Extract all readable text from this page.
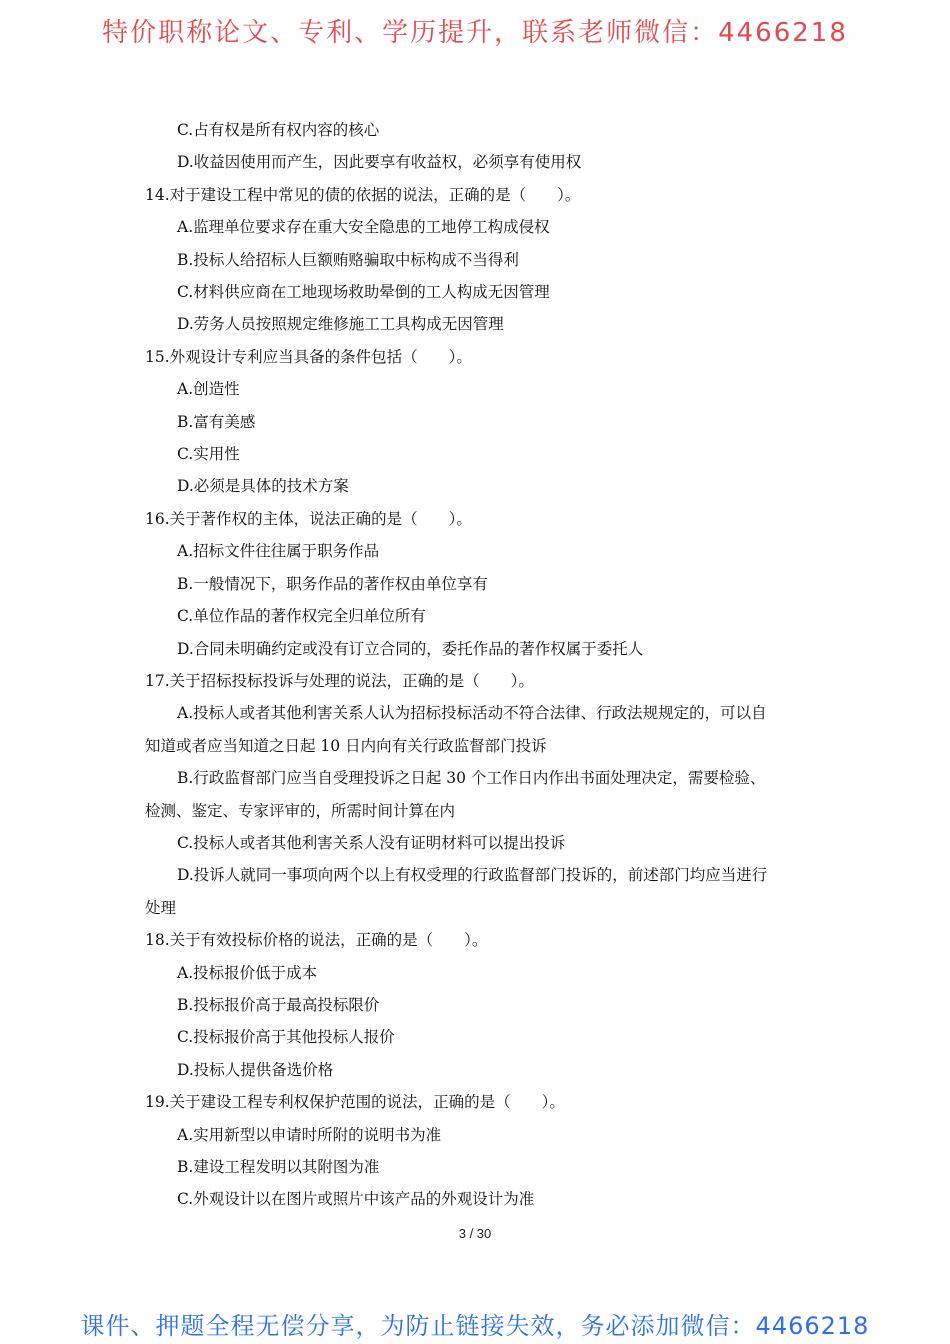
特价职称论文、专利、学历提升，联系老师微信：4466218
C.占有权是所有权内容的核心
D.收益因使用而产生，因此要享有收益权，必须享有使用权
14.对于建设工程中常见的债的依据的说法，正确的是（　　）。
A.监理单位要求存在重大安全隐患的工地停工构成侵权
B.投标人给招标人巨额贿赂骗取中标构成不当得利
C.材料供应商在工地现场救助晕倒的工人构成无因管理
D.劳务人员按照规定维修施工工具构成无因管理
15.外观设计专利应当具备的条件包括（　　）。
A.创造性
B.富有美感
C.实用性
D.必须是具体的技术方案
16.关于著作权的主体，说法正确的是（　　）。
A.招标文件往往属于职务作品
B.一般情况下，职务作品的著作权由单位享有
C.单位作品的著作权完全归单位所有
D.合同未明确约定或没有订立合同的，委托作品的著作权属于委托人
17.关于招标投标投诉与处理的说法，正确的是（　　）。
A.投标人或者其他利害关系人认为招标投标活动不符合法律、行政法规规定的，可以自
知道或者应当知道之日起 10 日内向有关行政监督部门投诉
B.行政监督部门应当自受理投诉之日起 30 个工作日内作出书面处理决定，需要检验、
检测、鉴定、专家评审的，所需时间计算在内
C.投标人或者其他利害关系人没有证明材料可以提出投诉
D.投诉人就同一事项向两个以上有权受理的行政监督部门投诉的，前述部门均应当进行
处理
18.关于有效投标价格的说法，正确的是（　　）。
A.投标报价低于成本
B.投标报价高于最高投标限价
C.投标报价高于其他投标人报价
D.投标人提供备选价格
19.关于建设工程专利权保护范围的说法，正确的是（　　）。
A.实用新型以申请时所附的说明书为准
B.建设工程发明以其附图为准
C.外观设计以在图片或照片中该产品的外观设计为准
3 / 30
课件、押题全程无偿分享，为防止链接失效，务必添加微信：4466218
